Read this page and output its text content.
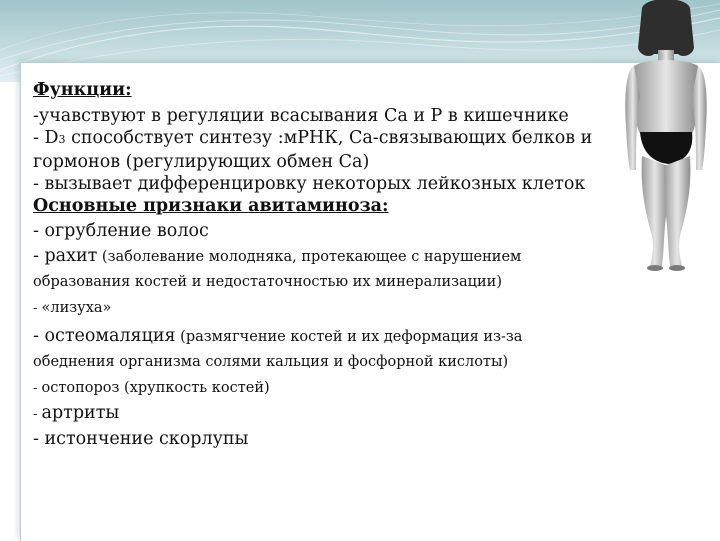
Функции:
-учавствуют в регуляции всасывания Ca и P в кишечнике
- D3 способствует синтезу :мРНК, Ca-связывающих белков и
гормонов (регулирующих обмен Ca)
- вызывает дифференцировку некоторых лейкозных клеток
Основные признаки авитаминоза:
- огрубление волос
- рахит (заболевание молодняка, протекающее с нарушением
образования костей и недостаточностью их минерализации)
- «лизуха»
- остеомаляция (размягчение костей и их деформация из-за
обеднения организма солями кальция и фосфорной кислоты)
- остопороз (хрупкость костей)
- артриты
- истончение скорлупы
